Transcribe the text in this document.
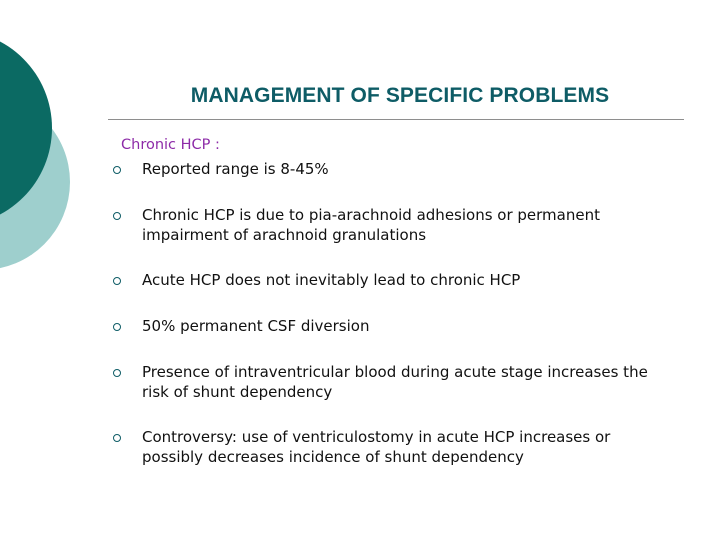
MANAGEMENT OF SPECIFIC PROBLEMS
Chronic HCP :
Reported range is 8-45%
Chronic HCP is due to pia-arachnoid adhesions or permanent impairment of arachnoid granulations
Acute HCP does not inevitably lead to chronic HCP
50% permanent CSF diversion
Presence of intraventricular blood during acute stage increases the risk of shunt dependency
Controversy: use of ventriculostomy in acute HCP increases or possibly decreases incidence of shunt dependency
